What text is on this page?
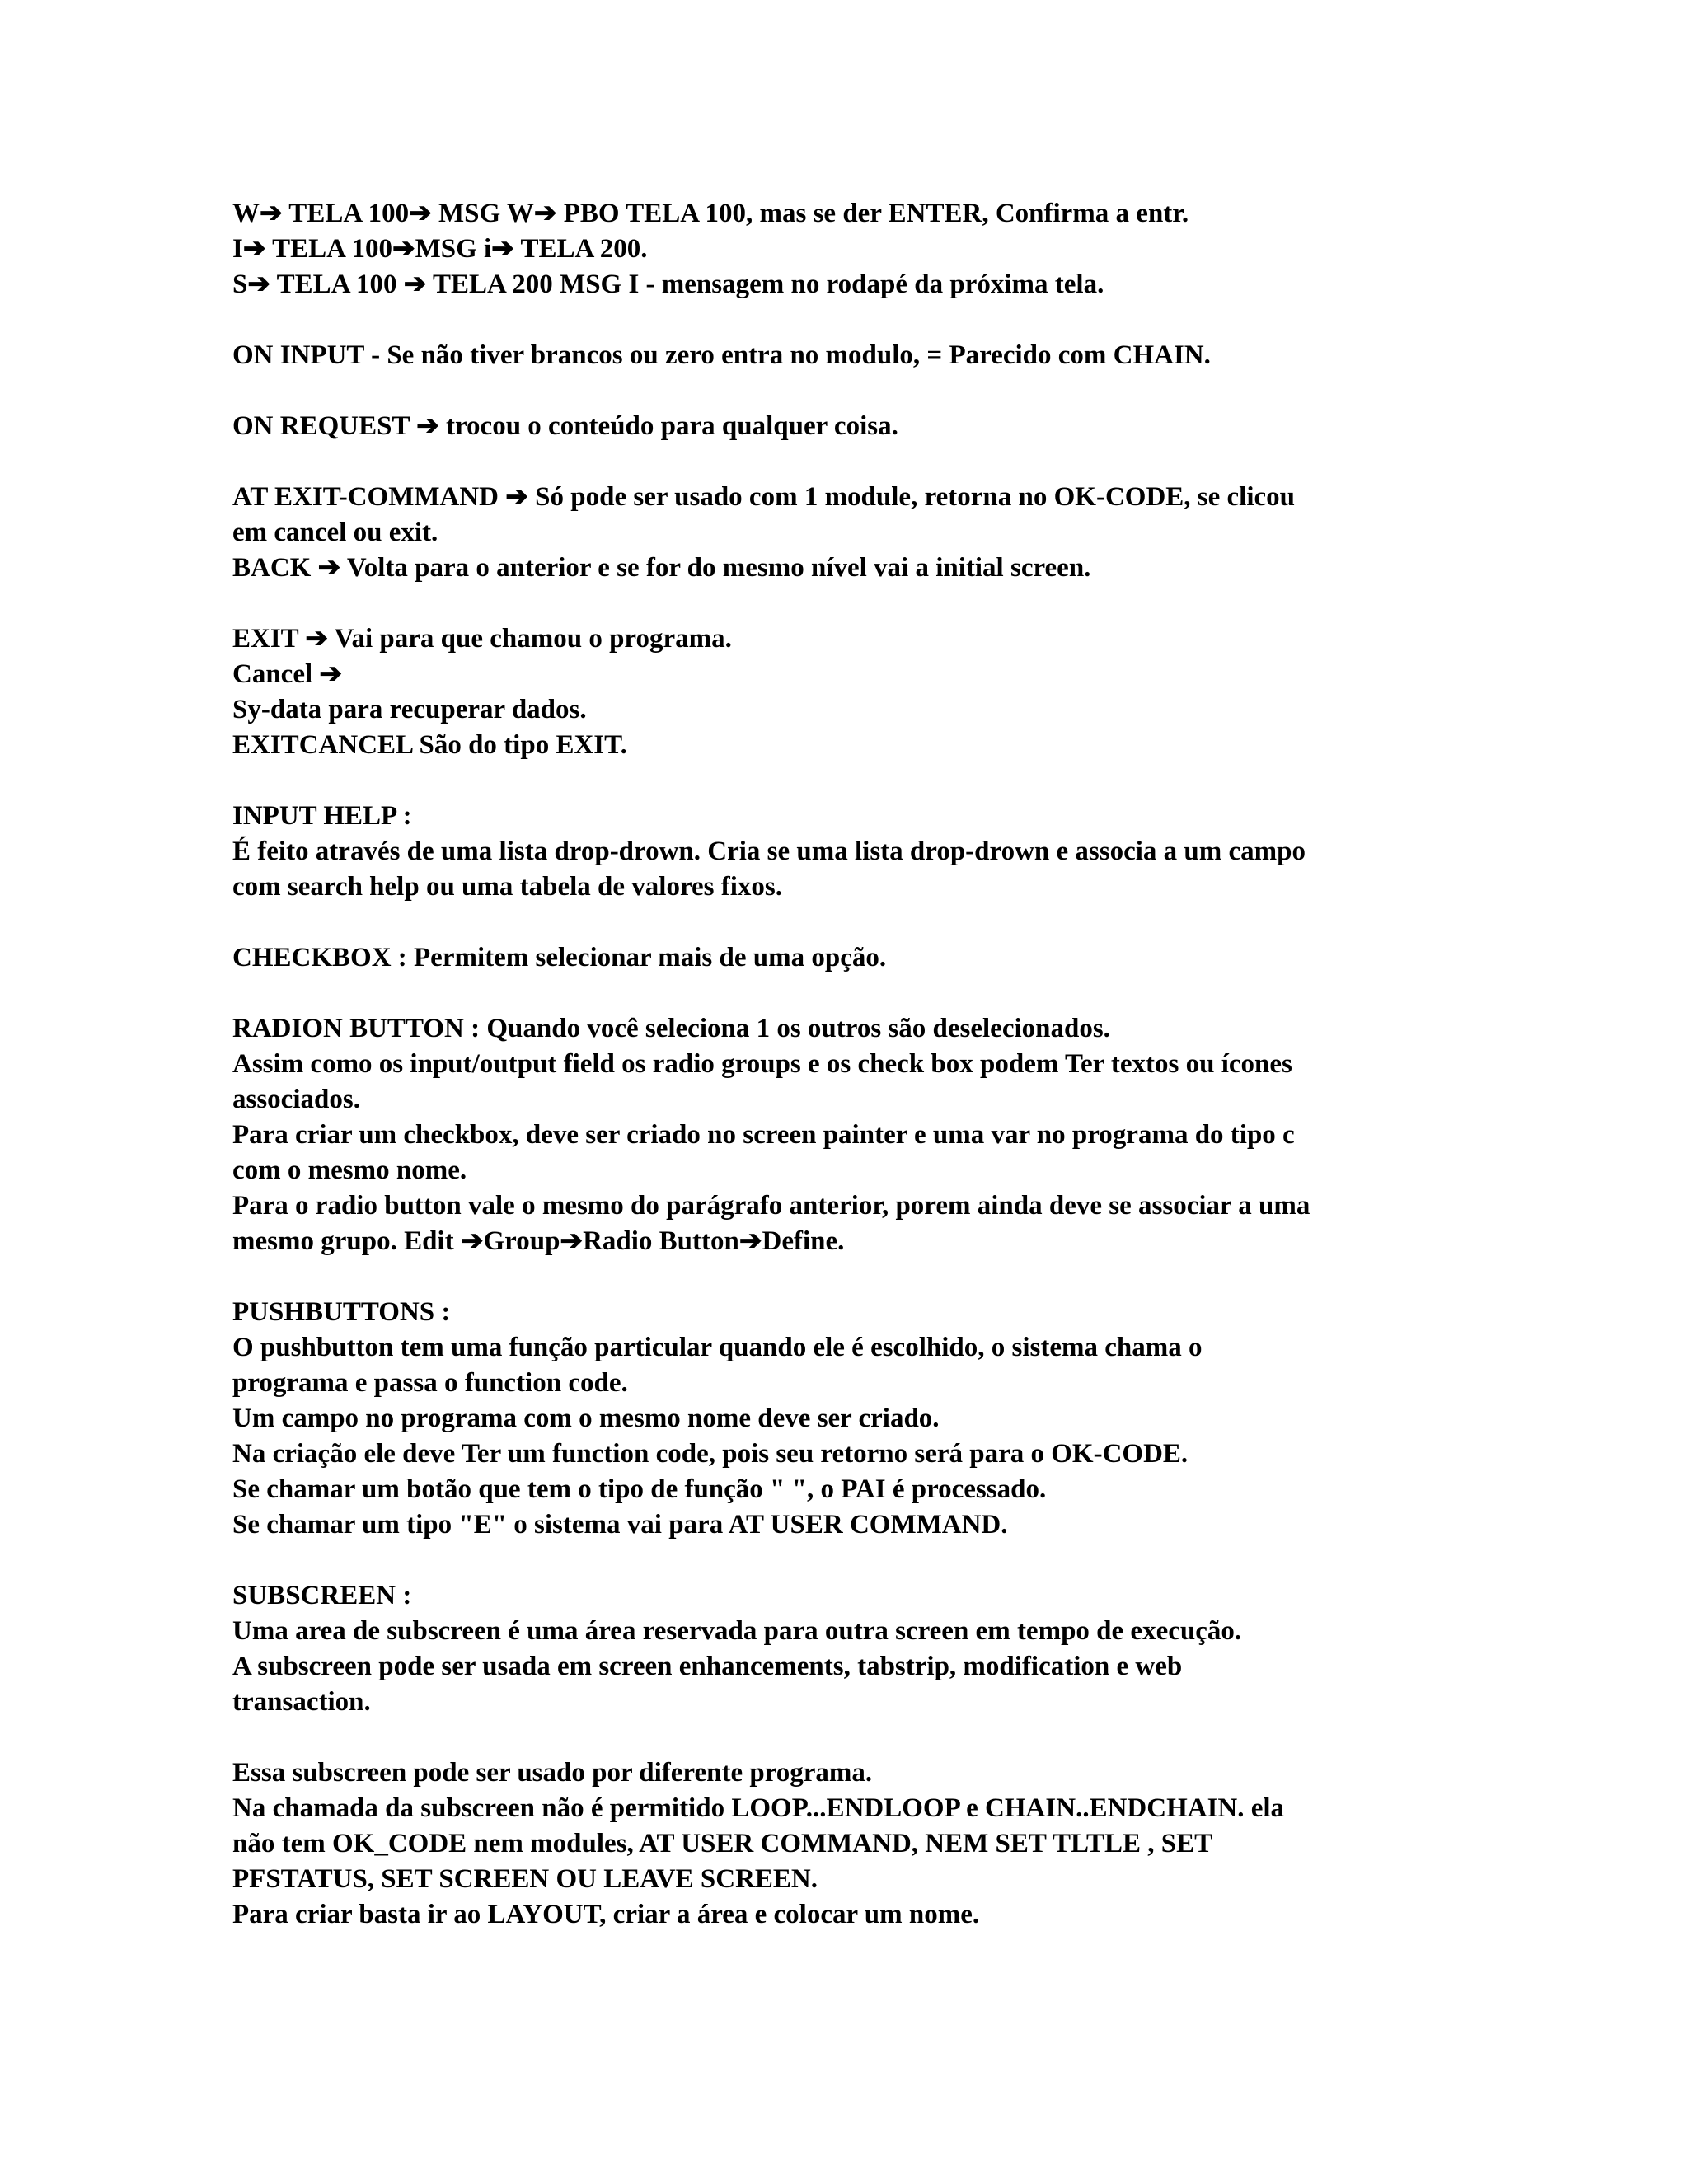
W➔ TELA 100➔ MSG W➔ PBO TELA 100, mas se der ENTER, Confirma a entr.
I➔ TELA 100➔MSG i➔ TELA 200.
S➔ TELA 100 ➔ TELA 200 MSG I - mensagem no rodapé da próxima tela.
ON INPUT - Se não tiver brancos ou zero entra no modulo, = Parecido com CHAIN.
ON REQUEST ➔ trocou o conteúdo para qualquer coisa.
AT EXIT-COMMAND ➔ Só pode ser usado com 1 module, retorna no OK-CODE, se clicou
em cancel ou exit.
BACK ➔ Volta para o anterior e se for do mesmo nível vai a initial screen.
EXIT ➔ Vai para que chamou o programa.
Cancel ➔
Sy-data para recuperar dados.
EXITCANCEL São do tipo EXIT.
INPUT HELP :
É feito através de uma lista drop-drown. Cria se uma lista drop-drown e associa a um campo
com search help ou uma tabela de valores fixos.
CHECKBOX : Permitem selecionar mais de uma opção.
RADION BUTTON : Quando você seleciona 1 os outros são deselecionados.
Assim como os input/output field os radio groups e os check box podem Ter textos ou ícones
associados.
Para criar um checkbox, deve ser criado no screen painter e uma var no programa do tipo c
com o mesmo nome.
Para o radio button vale o mesmo do parágrafo anterior, porem ainda deve se associar a uma
mesmo grupo. Edit ➔Group➔Radio Button➔Define.
PUSHBUTTONS :
O pushbutton tem uma função particular quando ele é escolhido, o sistema chama o
programa e passa o function code.
Um campo no programa com o mesmo nome deve ser criado.
Na criação ele deve Ter um function code, pois seu retorno será para o OK-CODE.
Se chamar um botão que tem o tipo de função " ", o PAI é processado.
Se chamar um tipo "E" o sistema vai para AT USER COMMAND.
SUBSCREEN :
Uma area de subscreen é uma área reservada para outra screen em tempo de execução.
A subscreen pode ser usada em screen enhancements, tabstrip, modification e web
transaction.
Essa subscreen pode ser usado por diferente programa.
Na chamada da subscreen não é permitido LOOP...ENDLOOP e CHAIN..ENDCHAIN. ela
não tem OK_CODE nem modules, AT USER COMMAND, NEM SET TLTLE , SET
PFSTATUS, SET SCREEN OU LEAVE SCREEN.
Para criar basta ir ao LAYOUT, criar a área e colocar um nome.
